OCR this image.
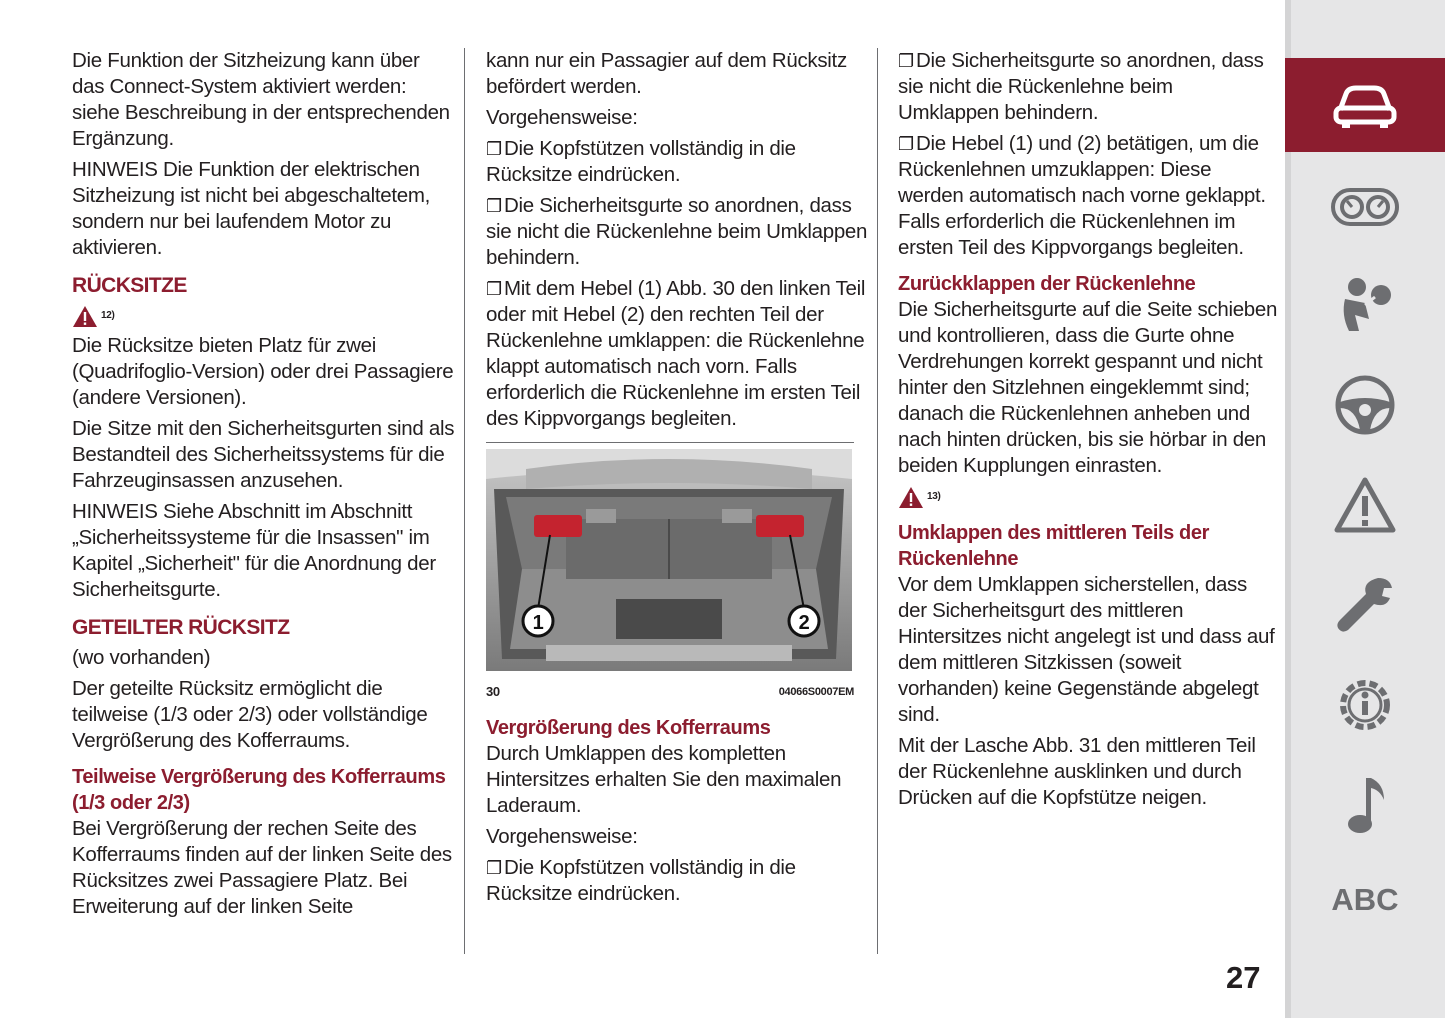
Die Funktion der Sitzheizung kann über das Connect-System aktiviert werden: siehe Beschreibung in der entsprechenden Ergänzung.

HINWEIS Die Funktion der elektrischen Sitzheizung ist nicht bei abgeschaltetem, sondern nur bei laufendem Motor zu aktivieren.

RÜCKSITZE
12)

Die Rücksitze bieten Platz für zwei (Quadrifoglio-Version) oder drei Passagiere (andere Versionen).

Die Sitze mit den Sicherheitsgurten sind als Bestandteil des Sicherheitssystems für die Fahrzeuginsassen anzusehen.

HINWEIS Siehe Abschnitt im Abschnitt „Sicherheitssysteme für die Insassen" im Kapitel „Sicherheit" für die Anordnung der Sicherheitsgurte.

GETEILTER RÜCKSITZ

(wo vorhanden)

Der geteilte Rücksitz ermöglicht die teilweise (1/3 oder 2/3) oder vollständige Vergrößerung des Kofferraums.

Teilweise Vergrößerung des Kofferraums (1/3 oder 2/3)

Bei Vergrößerung der rechen Seite des Kofferraums finden auf der linken Seite des Rücksitzes zwei Passagiere Platz. Bei Erweiterung auf der linken Seite

kann nur ein Passagier auf dem Rücksitz befördert werden.

Vorgehensweise:

❐ Die Kopfstützen vollständig in die Rücksitze eindrücken.

❐ Die Sicherheitsgurte so anordnen, dass sie nicht die Rückenlehne beim Umklappen behindern.

❐ Mit dem Hebel (1) Abb. 30 den linken Teil oder mit Hebel (2) den rechten Teil der Rückenlehne umklappen: die Rückenlehne klappt automatisch nach vorn. Falls erforderlich die Rückenlehne im ersten Teil des Kippvorgangs begleiten.

1	2
30	04066S0007EM
Vergrößerung des Kofferraums

Durch Umklappen des kompletten Hintersitzes erhalten Sie den maximalen Laderaum.

Vorgehensweise:

❐ Die Kopfstützen vollständig in die Rücksitze eindrücken.

❐ Die Sicherheitsgurte so anordnen, dass sie nicht die Rückenlehne beim Umklappen behindern.

❐ Die Hebel (1) und (2) betätigen, um die Rückenlehnen umzuklappen: Diese werden automatisch nach vorne geklappt. Falls erforderlich die Rückenlehnen im ersten Teil des Kippvorgangs begleiten.

Zurückklappen der Rückenlehne

Die Sicherheitsgurte auf die Seite schieben und kontrollieren, dass die Gurte ohne Verdrehungen korrekt gespannt und nicht hinter den Sitzlehnen eingeklemmt sind; danach die Rückenlehnen anheben und nach hinten drücken, bis sie hörbar in den beiden Kupplungen einrasten.

13)
Umklappen des mittleren Teils der Rückenlehne

Vor dem Umklappen sicherstellen, dass der Sicherheitsgurt des mittleren Hintersitzes nicht angelegt ist und dass auf dem mittleren Sitzkissen (soweit vorhanden) keine Gegenstände abgelegt sind.

Mit der Lasche Abb. 31 den mittleren Teil der Rückenlehne ausklinken und durch Drücken auf die Kopfstütze neigen.

ABC
27
